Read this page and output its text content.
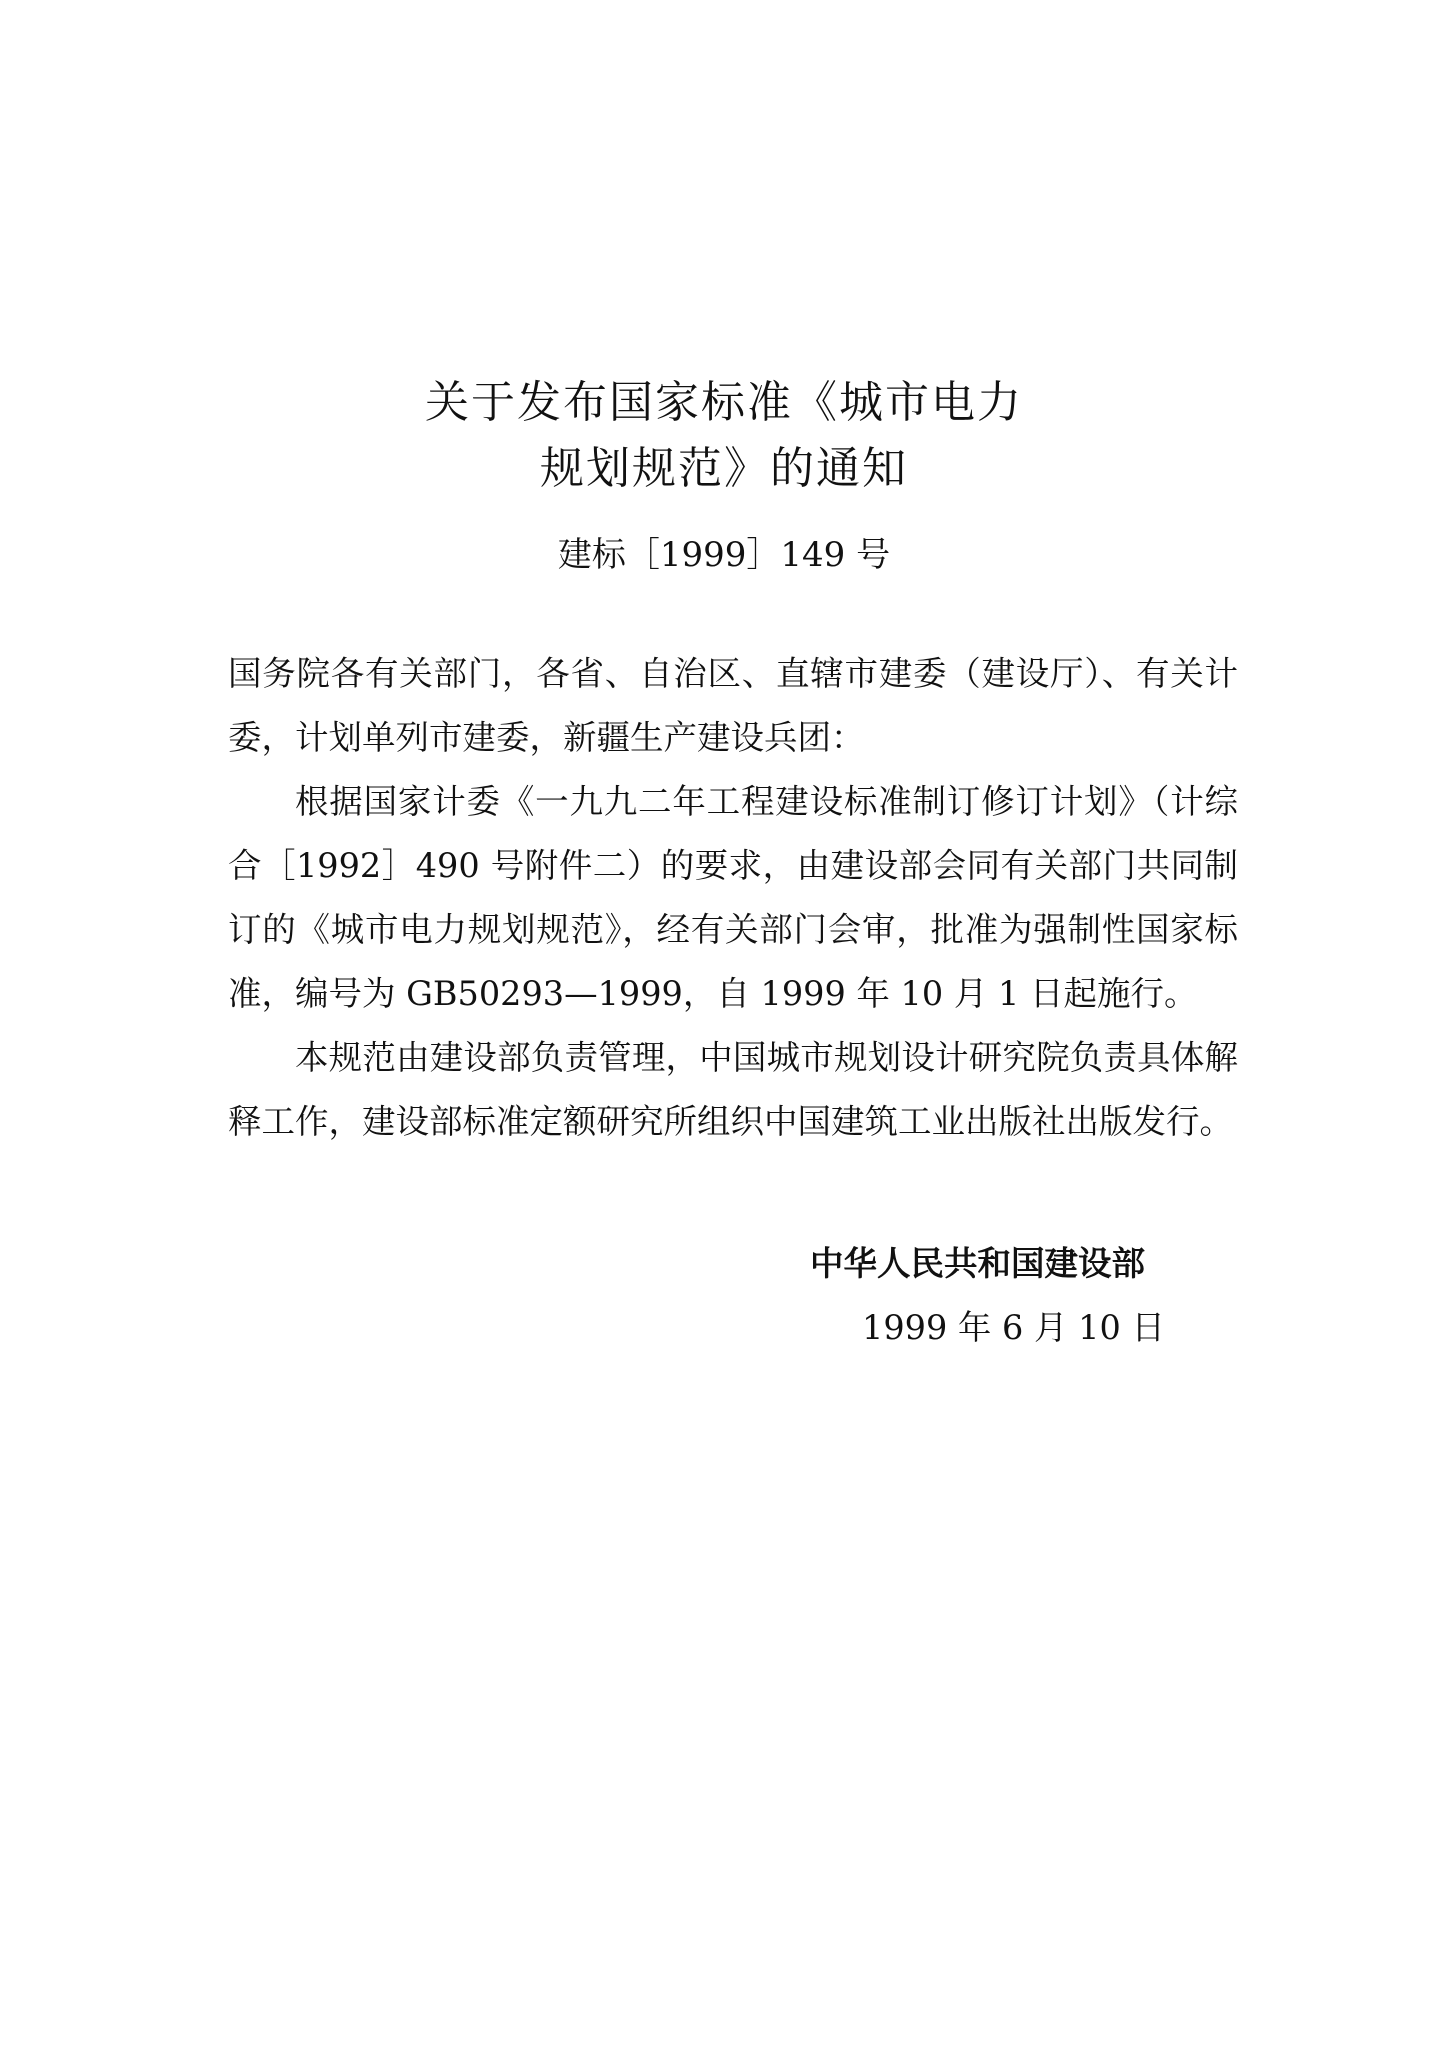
关于发布国家标准《城市电力
规划规范》的通知
建标［1999］149 号

国务院各有关部门，各省、自治区、直辖市建委（建设厅）、有关计委，计划单列市建委，新疆生产建设兵团：

根据国家计委《一九九二年工程建设标准制订修订计划》（计综合［1992］490 号附件二）的要求，由建设部会同有关部门共同制订的《城市电力规划规范》，经有关部门会审，批准为强制性国家标准，编号为 GB50293—1999，自 1999 年 10 月 1 日起施行。

本规范由建设部负责管理，中国城市规划设计研究院负责具体解释工作，建设部标准定额研究所组织中国建筑工业出版社出版发行。

中华人民共和国建设部
1999 年 6 月 10 日
